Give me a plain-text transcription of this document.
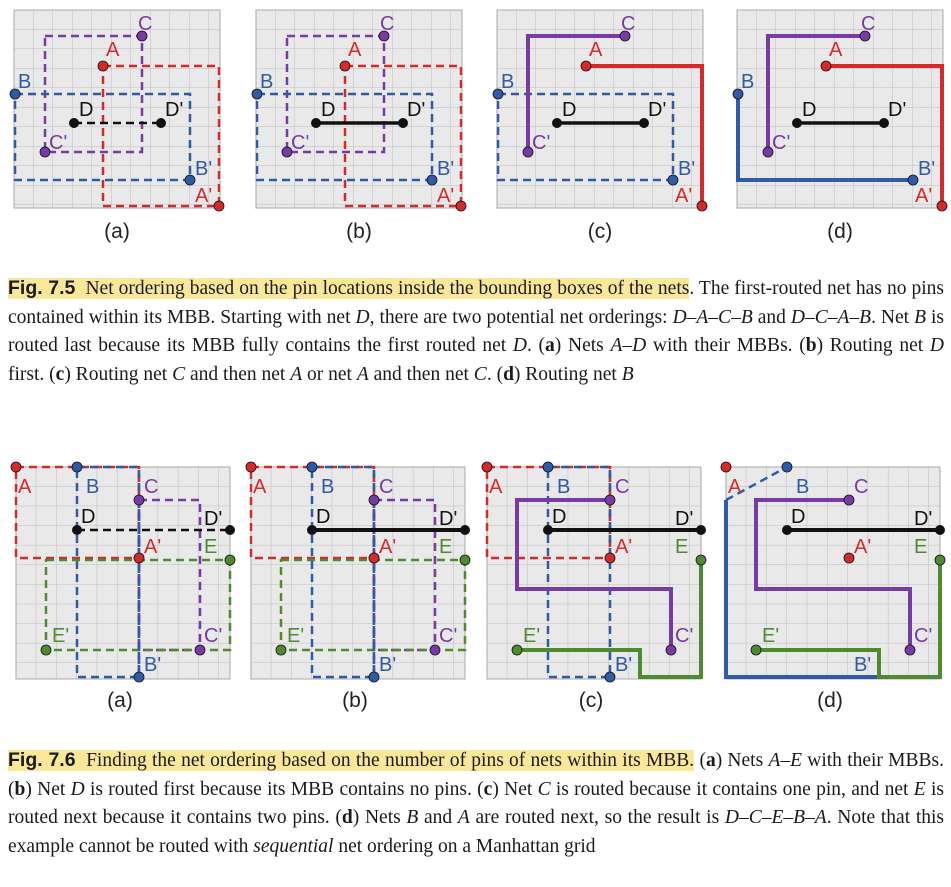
C
A
B
D	D'
C'
B'
A'
(a)
C
A
B
D	D'
C'
B'
A'
(b)
C
A
B
D	D'
C'
B'
A'
(c)
C
A
B
D	D'
C'
B'
A'
(d)

Fig. 7.5 Net ordering based on the pin locations inside the bounding boxes of the nets. The first-routed net has no pins contained within its MBB. Starting with net D, there are two potential net orderings: D–A–C–B and D–C–A–B. Net B is routed last because its MBB fully contains the first routed net D. (a) Nets A–D with their MBBs. (b) Routing net D first. (c) Routing net C and then net A or net A and then net C. (d) Routing net B

A	B C
D	D'
A' E
E'	C'
B'
(a)
A	B C
D	D'
A' E
E'	C'
B'
(b)
A	B C
D	D'
A' E
E'	C'
B'
(c)
A	B C
D	D'
A' E
E'	C'
B'
(d)

Fig. 7.6 Finding the net ordering based on the number of pins of nets within its MBB. (a) Nets A–E with their MBBs. (b) Net D is routed first because its MBB contains no pins. (c) Net C is routed because it contains one pin, and net E is routed next because it contains two pins. (d) Nets B and A are routed next, so the result is D–C–E–B–A. Note that this example cannot be routed with sequential net ordering on a Manhattan grid
